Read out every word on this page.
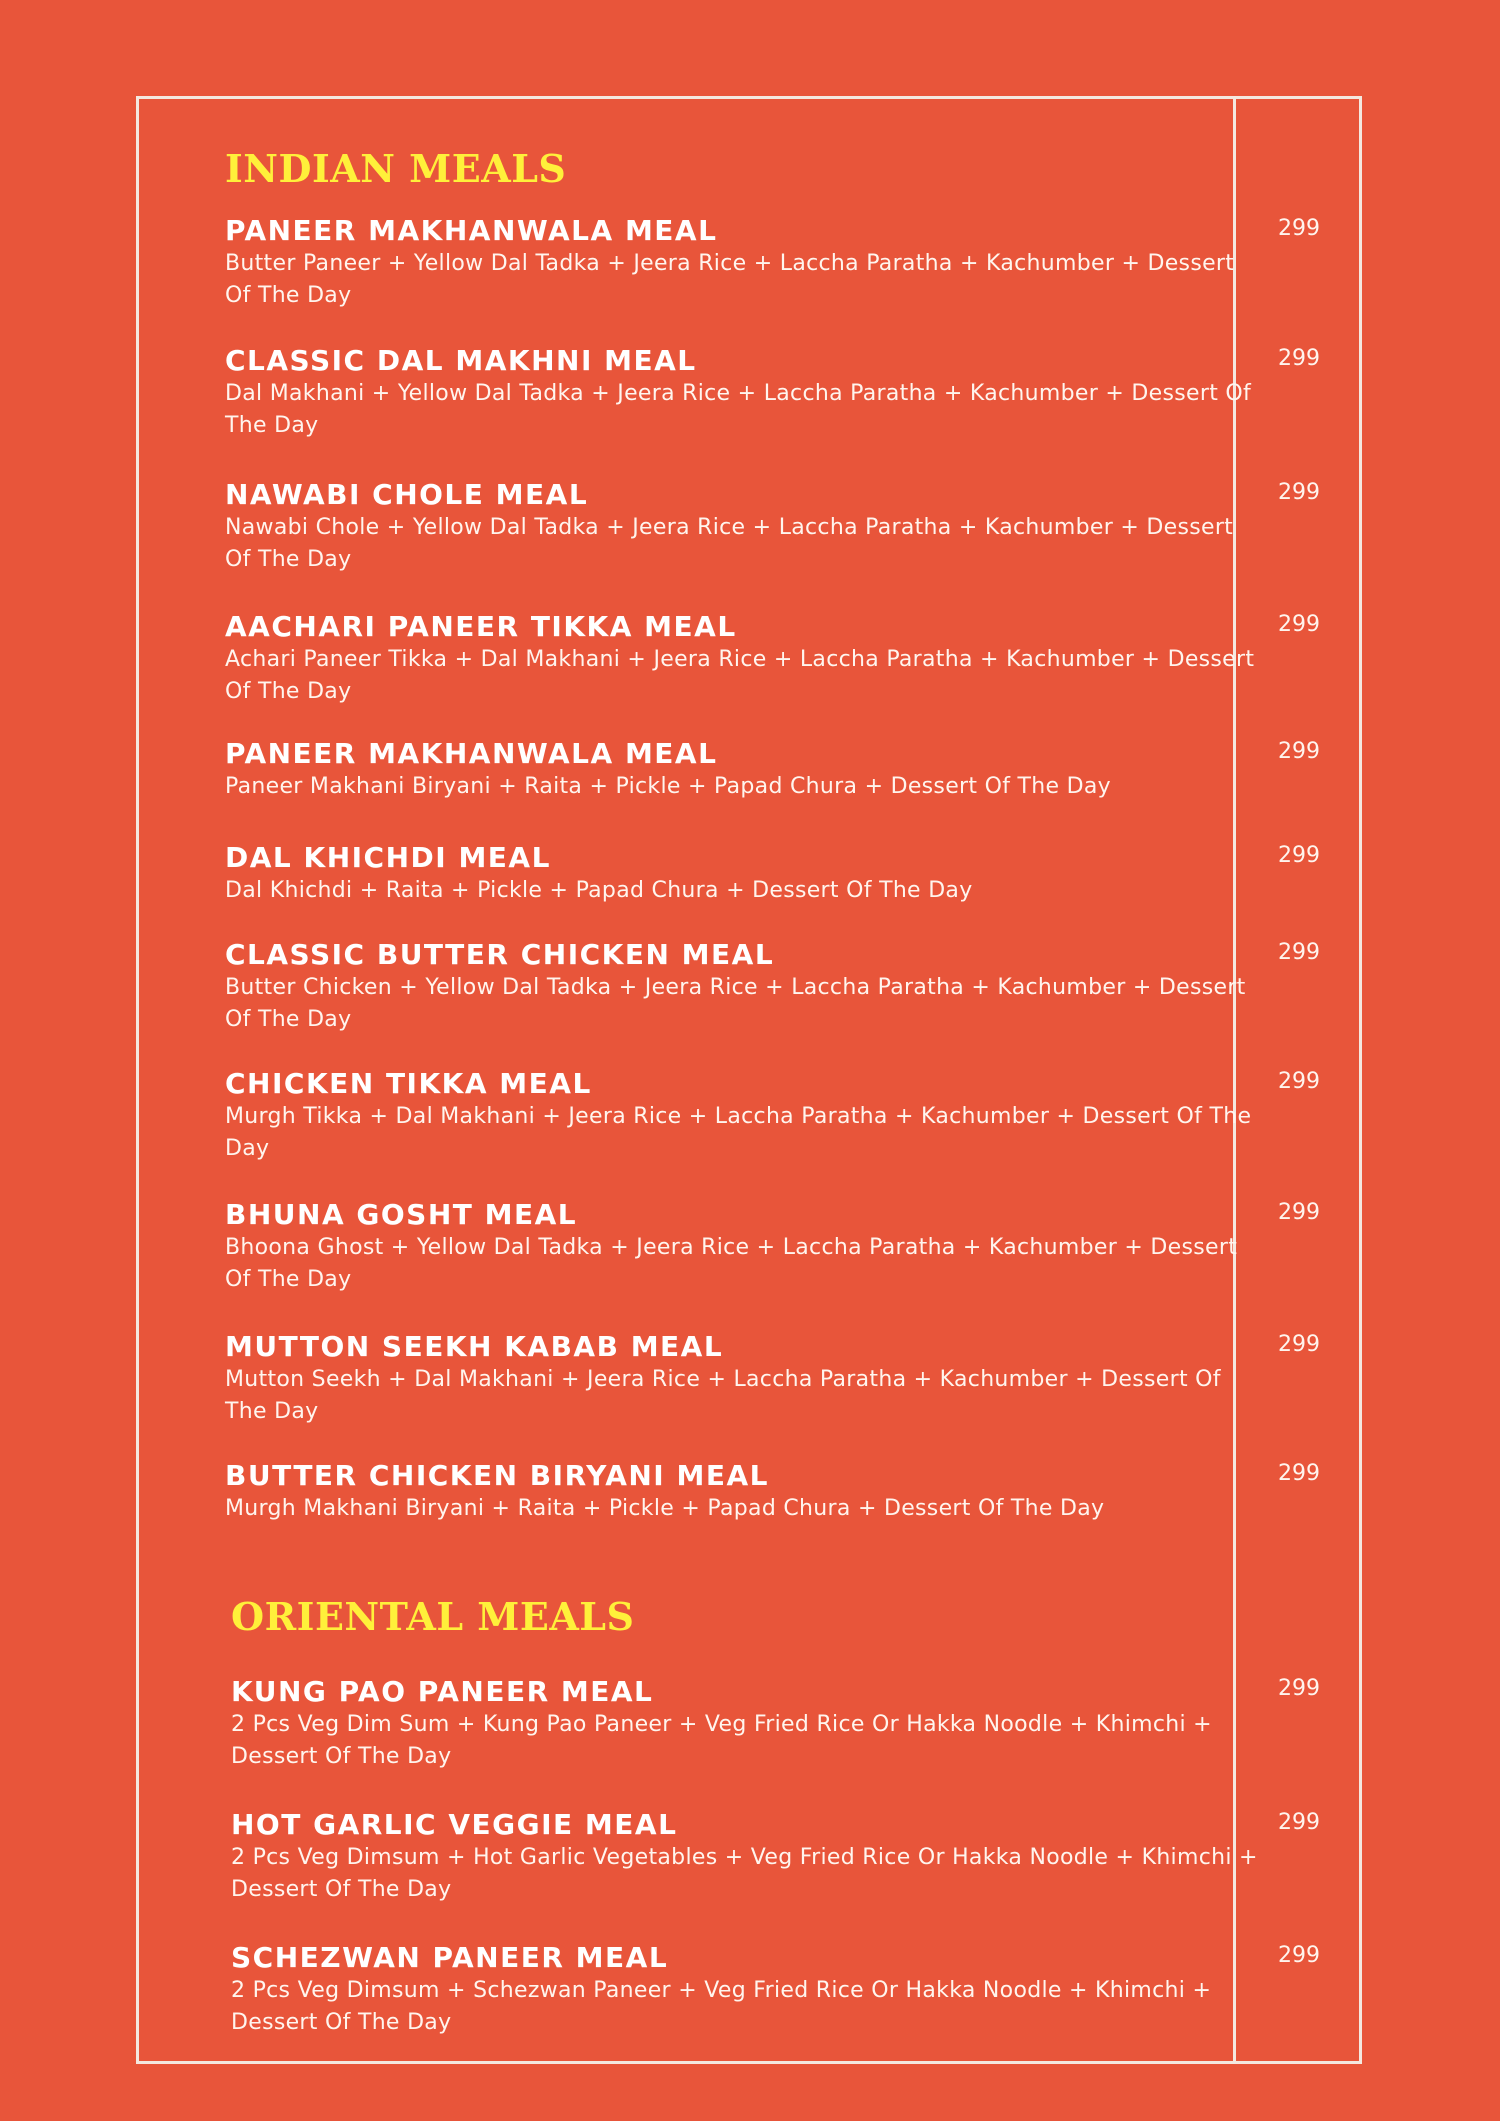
INDIAN MEALS
PANEER MAKHANWALA MEAL
Butter Paneer + Yellow Dal Tadka + Jeera Rice + Laccha Paratha + Kachumber + Dessert Of The Day
299
CLASSIC DAL MAKHNI MEAL
Dal Makhani + Yellow Dal Tadka + Jeera Rice + Laccha Paratha + Kachumber + Dessert Of The Day
299
NAWABI CHOLE MEAL
Nawabi Chole + Yellow Dal Tadka + Jeera Rice + Laccha Paratha + Kachumber + Dessert Of The Day
299
AACHARI PANEER TIKKA MEAL
Achari Paneer Tikka + Dal Makhani + Jeera Rice + Laccha Paratha + Kachumber + Dessert Of The Day
299
PANEER MAKHANWALA MEAL
Paneer Makhani Biryani + Raita + Pickle + Papad Chura + Dessert Of The Day
299
DAL KHICHDI MEAL
Dal Khichdi + Raita + Pickle + Papad Chura + Dessert Of The Day
299
CLASSIC BUTTER CHICKEN MEAL
Butter Chicken + Yellow Dal Tadka + Jeera Rice + Laccha Paratha + Kachumber + Dessert Of The Day
299
CHICKEN TIKKA MEAL
Murgh Tikka + Dal Makhani + Jeera Rice + Laccha Paratha + Kachumber + Dessert Of The Day
299
BHUNA GOSHT MEAL
Bhoona Ghost + Yellow Dal Tadka + Jeera Rice + Laccha Paratha + Kachumber + Dessert Of The Day
299
MUTTON SEEKH KABAB MEAL
Mutton Seekh + Dal Makhani + Jeera Rice + Laccha Paratha + Kachumber + Dessert Of The Day
299
BUTTER CHICKEN BIRYANI MEAL
Murgh Makhani Biryani + Raita + Pickle + Papad Chura + Dessert Of The Day
299
ORIENTAL MEALS
KUNG PAO PANEER MEAL
2 Pcs Veg Dim Sum + Kung Pao Paneer + Veg Fried Rice Or Hakka Noodle + Khimchi + Dessert Of The Day
299
HOT GARLIC VEGGIE MEAL
2 Pcs Veg Dimsum + Hot Garlic Vegetables + Veg Fried Rice Or Hakka Noodle + Khimchi + Dessert Of The Day
299
SCHEZWAN PANEER MEAL
2 Pcs Veg Dimsum + Schezwan Paneer + Veg Fried Rice Or Hakka Noodle + Khimchi + Dessert Of The Day
299
